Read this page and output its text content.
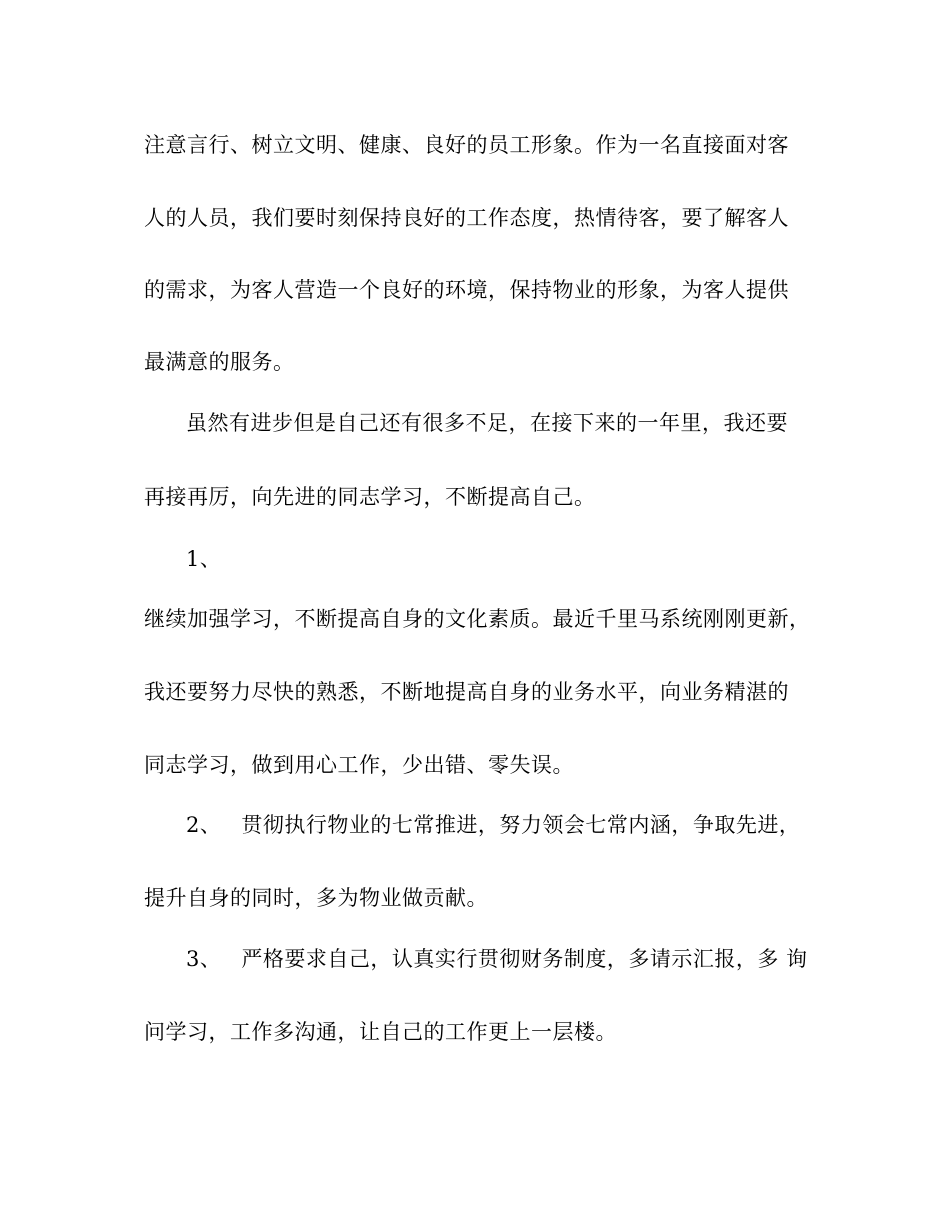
注意言行、树立文明、健康、良好的员工形象。作为一名直接面对客
人的人员，我们要时刻保持良好的工作态度，热情待客，要了解客人
的需求，为客人营造一个良好的环境，保持物业的形象，为客人提供
最满意的服务。
虽然有进步但是自己还有很多不足，在接下来的一年里，我还要
再接再厉，向先进的同志学习，不断提高自己。
1、
继续加强学习，不断提高自身的文化素质。最近千里马系统刚刚更新，
我还要努力尽快的熟悉，不断地提高自身的业务水平，向业务精湛的
同志学习，做到用心工作，少出错、零失误。
2、 贯彻执行物业的七常推进，努力领会七常内涵，争取先进，
提升自身的同时，多为物业做贡献。
3、 严格要求自己，认真实行贯彻财务制度，多请示汇报，多 询
问学习，工作多沟通，让自己的工作更上一层楼。
